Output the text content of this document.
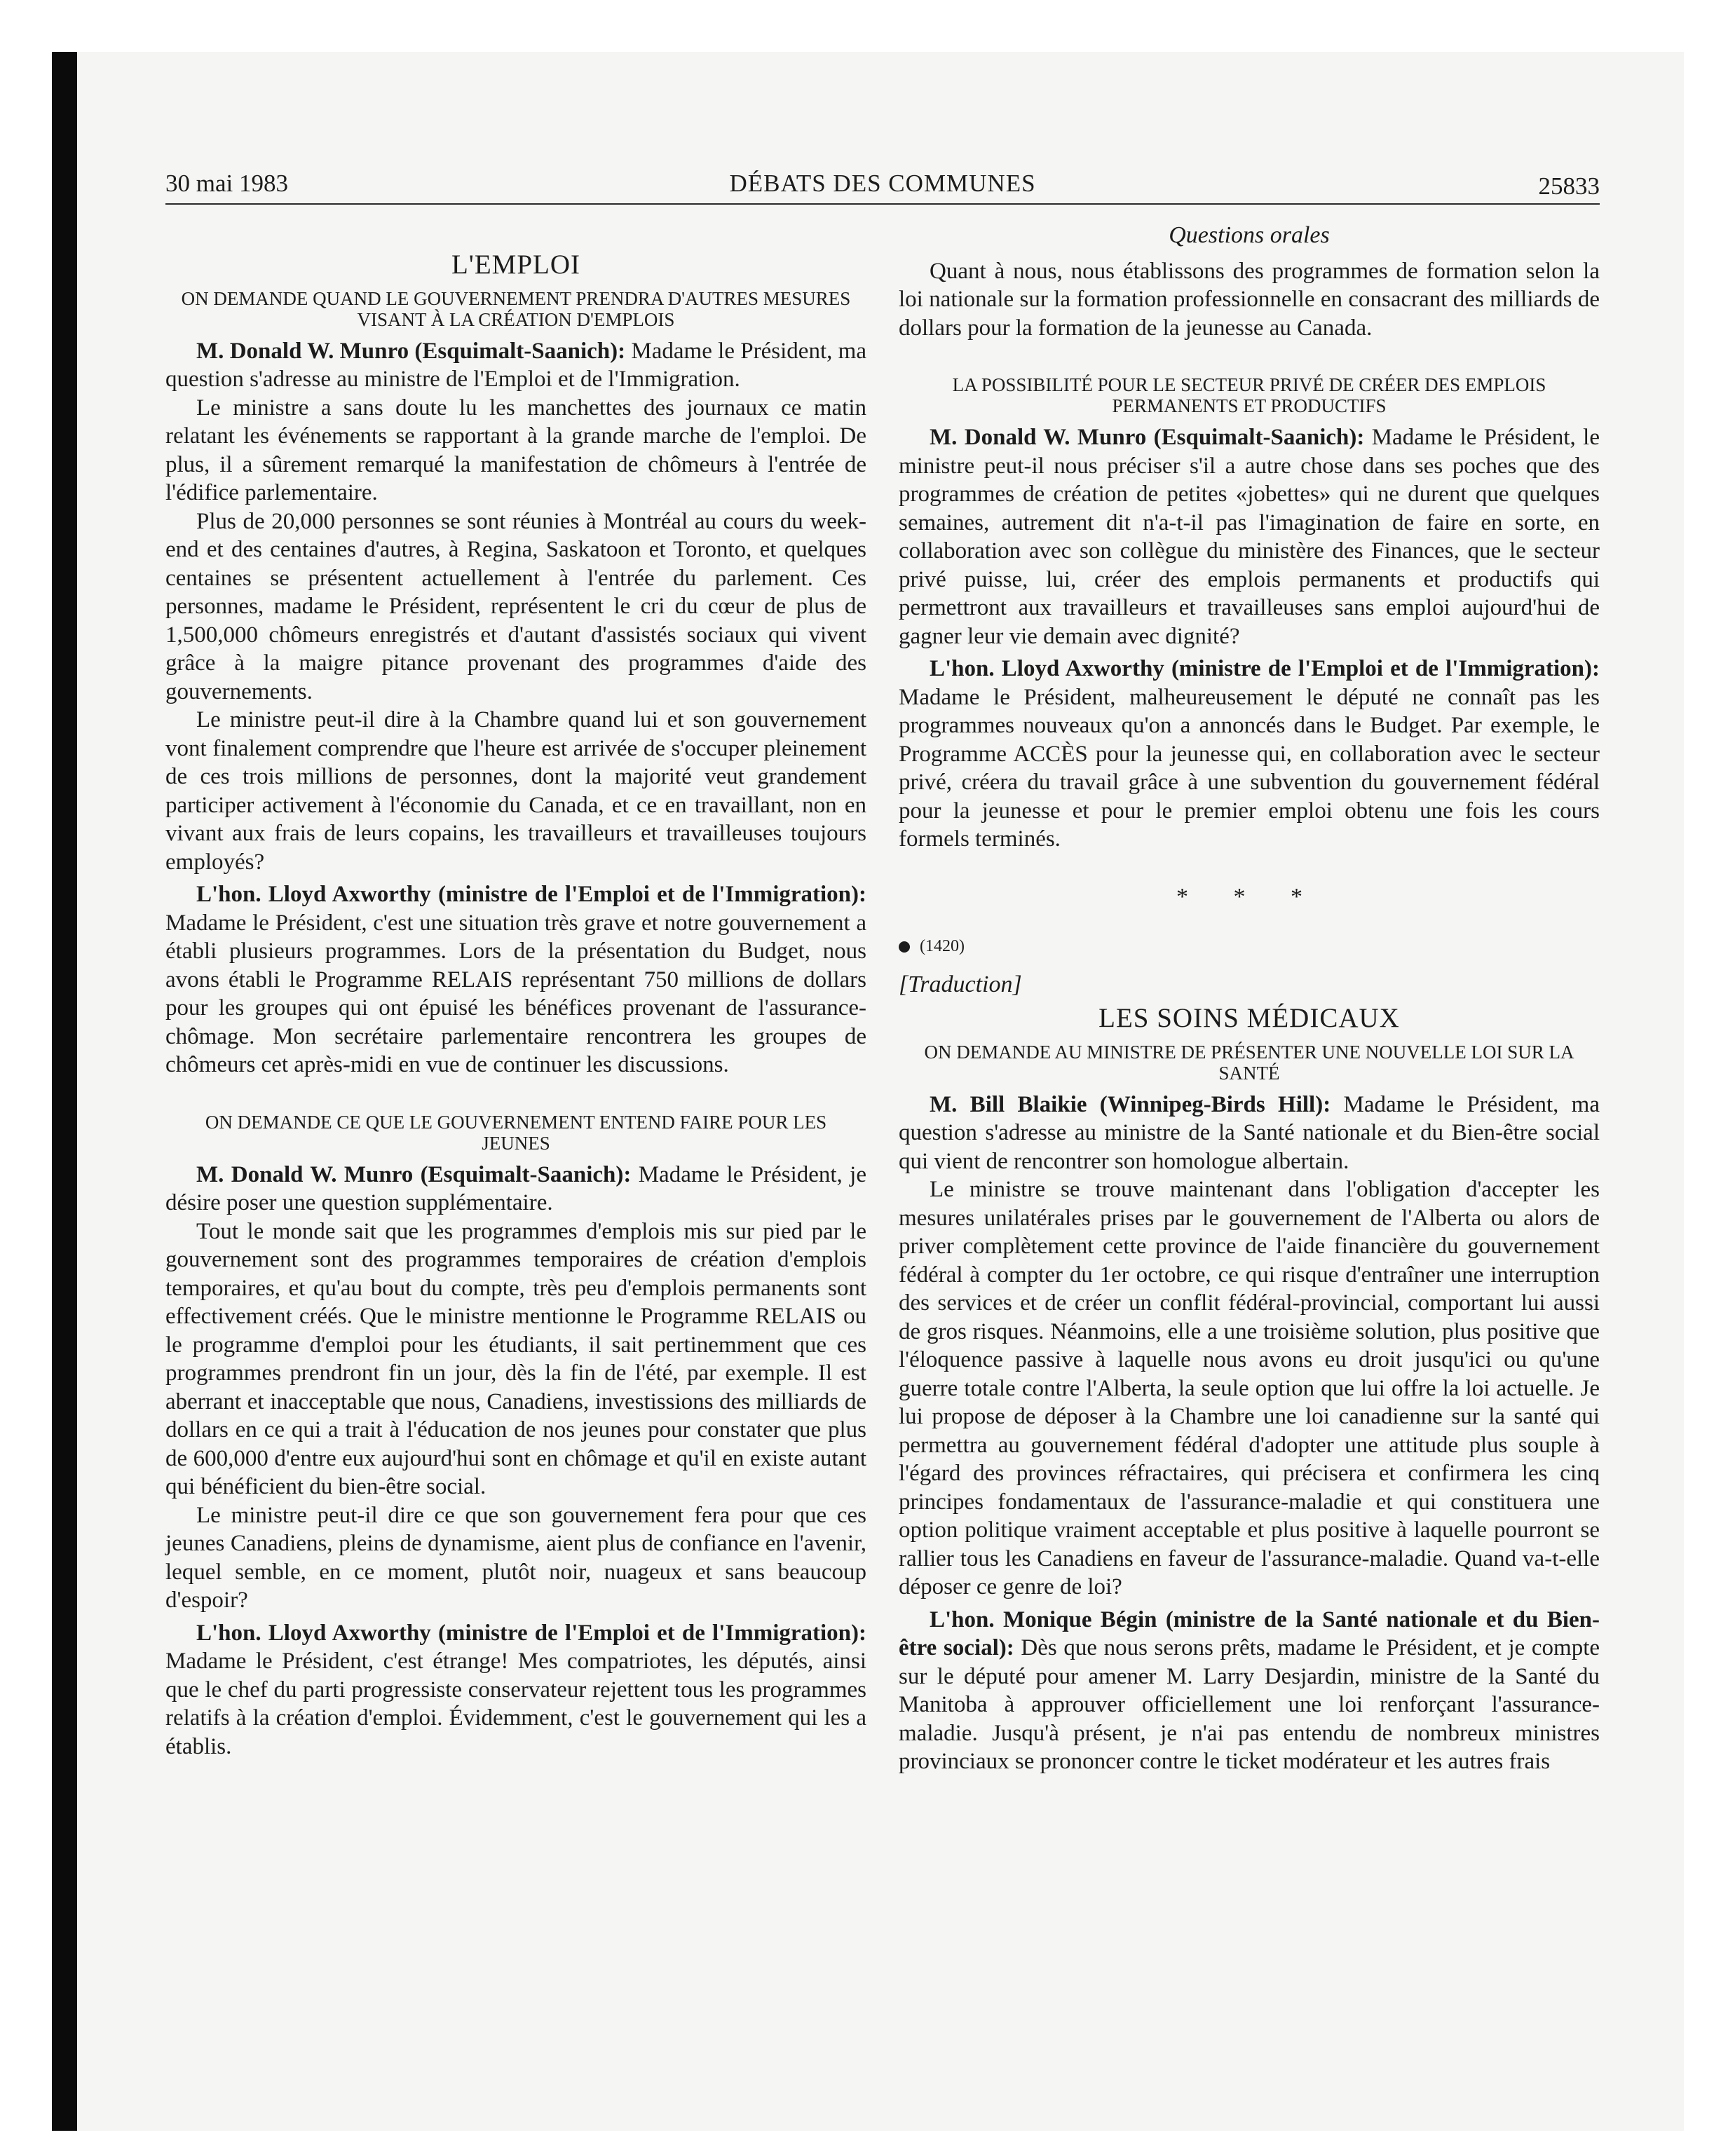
30 mai 1983	DÉBATS DES COMMUNES	25833
L'EMPLOI
ON DEMANDE QUAND LE GOUVERNEMENT PRENDRA D'AUTRES MESURES VISANT À LA CRÉATION D'EMPLOIS

M. Donald W. Munro (Esquimalt-Saanich): Madame le Président, ma question s'adresse au ministre de l'Emploi et de l'Immigration.

Le ministre a sans doute lu les manchettes des journaux ce matin relatant les événements se rapportant à la grande marche de l'emploi. De plus, il a sûrement remarqué la manifestation de chômeurs à l'entrée de l'édifice parlementaire.

Plus de 20,000 personnes se sont réunies à Montréal au cours du week-end et des centaines d'autres, à Regina, Saskatoon et Toronto, et quelques centaines se présentent actuellement à l'entrée du parlement. Ces personnes, madame le Président, représentent le cri du cœur de plus de 1,500,000 chômeurs enregistrés et d'autant d'assistés sociaux qui vivent grâce à la maigre pitance provenant des programmes d'aide des gouvernements.

Le ministre peut-il dire à la Chambre quand lui et son gouvernement vont finalement comprendre que l'heure est arrivée de s'occuper pleinement de ces trois millions de personnes, dont la majorité veut grandement participer activement à l'économie du Canada, et ce en travaillant, non en vivant aux frais de leurs copains, les travailleurs et travailleuses toujours employés?

L'hon. Lloyd Axworthy (ministre de l'Emploi et de l'Immigration): Madame le Président, c'est une situation très grave et notre gouvernement a établi plusieurs programmes. Lors de la présentation du Budget, nous avons établi le Programme RELAIS représentant 750 millions de dollars pour les groupes qui ont épuisé les bénéfices provenant de l'assurance-chômage. Mon secrétaire parlementaire rencontrera les groupes de chômeurs cet après-midi en vue de continuer les discussions.

ON DEMANDE CE QUE LE GOUVERNEMENT ENTEND FAIRE POUR LES JEUNES

M. Donald W. Munro (Esquimalt-Saanich): Madame le Président, je désire poser une question supplémentaire.

Tout le monde sait que les programmes d'emplois mis sur pied par le gouvernement sont des programmes temporaires de création d'emplois temporaires, et qu'au bout du compte, très peu d'emplois permanents sont effectivement créés. Que le ministre mentionne le Programme RELAIS ou le programme d'emploi pour les étudiants, il sait pertinemment que ces programmes prendront fin un jour, dès la fin de l'été, par exemple. Il est aberrant et inacceptable que nous, Canadiens, investissions des milliards de dollars en ce qui a trait à l'éducation de nos jeunes pour constater que plus de 600,000 d'entre eux aujourd'hui sont en chômage et qu'il en existe autant qui bénéficient du bien-être social.

Le ministre peut-il dire ce que son gouvernement fera pour que ces jeunes Canadiens, pleins de dynamisme, aient plus de confiance en l'avenir, lequel semble, en ce moment, plutôt noir, nuageux et sans beaucoup d'espoir?

L'hon. Lloyd Axworthy (ministre de l'Emploi et de l'Immigration): Madame le Président, c'est étrange! Mes compatriotes, les députés, ainsi que le chef du parti progressiste conservateur rejettent tous les programmes relatifs à la création d'emploi. Évidemment, c'est le gouvernement qui les a établis.

Questions orales

Quant à nous, nous établissons des programmes de formation selon la loi nationale sur la formation professionnelle en consacrant des milliards de dollars pour la formation de la jeunesse au Canada.

LA POSSIBILITÉ POUR LE SECTEUR PRIVÉ DE CRÉER DES EMPLOIS PERMANENTS ET PRODUCTIFS

M. Donald W. Munro (Esquimalt-Saanich): Madame le Président, le ministre peut-il nous préciser s'il a autre chose dans ses poches que des programmes de création de petites «jobettes» qui ne durent que quelques semaines, autrement dit n'a-t-il pas l'imagination de faire en sorte, en collaboration avec son collègue du ministère des Finances, que le secteur privé puisse, lui, créer des emplois permanents et productifs qui permettront aux travailleurs et travailleuses sans emploi aujourd'hui de gagner leur vie demain avec dignité?

L'hon. Lloyd Axworthy (ministre de l'Emploi et de l'Immigration): Madame le Président, malheureusement le député ne connaît pas les programmes nouveaux qu'on a annoncés dans le Budget. Par exemple, le Programme ACCÈS pour la jeunesse qui, en collaboration avec le secteur privé, créera du travail grâce à une subvention du gouvernement fédéral pour la jeunesse et pour le premier emploi obtenu une fois les cours formels terminés.

* * *
(1420)
[Traduction]
LES SOINS MÉDICAUX
ON DEMANDE AU MINISTRE DE PRÉSENTER UNE NOUVELLE LOI SUR LA SANTÉ

M. Bill Blaikie (Winnipeg-Birds Hill): Madame le Président, ma question s'adresse au ministre de la Santé nationale et du Bien-être social qui vient de rencontrer son homologue albertain.

Le ministre se trouve maintenant dans l'obligation d'accepter les mesures unilatérales prises par le gouvernement de l'Alberta ou alors de priver complètement cette province de l'aide financière du gouvernement fédéral à compter du 1er octobre, ce qui risque d'entraîner une interruption des services et de créer un conflit fédéral-provincial, comportant lui aussi de gros risques. Néanmoins, elle a une troisième solution, plus positive que l'éloquence passive à laquelle nous avons eu droit jusqu'ici ou qu'une guerre totale contre l'Alberta, la seule option que lui offre la loi actuelle. Je lui propose de déposer à la Chambre une loi canadienne sur la santé qui permettra au gouvernement fédéral d'adopter une attitude plus souple à l'égard des provinces réfractaires, qui précisera et confirmera les cinq principes fondamentaux de l'assurance-maladie et qui constituera une option politique vraiment acceptable et plus positive à laquelle pourront se rallier tous les Canadiens en faveur de l'assurance-maladie. Quand va-t-elle déposer ce genre de loi?

L'hon. Monique Bégin (ministre de la Santé nationale et du Bien-être social): Dès que nous serons prêts, madame le Président, et je compte sur le député pour amener M. Larry Desjardin, ministre de la Santé du Manitoba à approuver officiellement une loi renforçant l'assurance-maladie. Jusqu'à présent, je n'ai pas entendu de nombreux ministres provinciaux se prononcer contre le ticket modérateur et les autres frais
